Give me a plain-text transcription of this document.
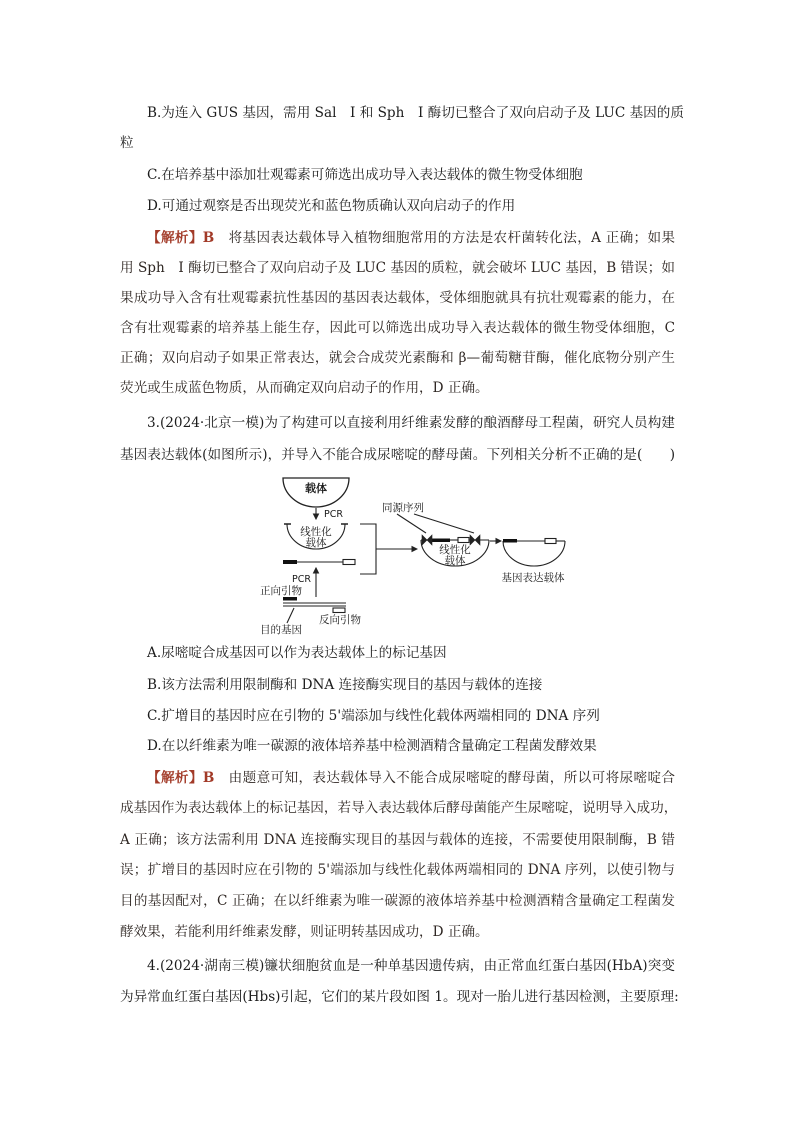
B.为连入 GUS 基因，需用 Sal　I 和 Sph　I 酶切已整合了双向启动子及 LUC 基因的质
粒
C.在培养基中添加壮观霉素可筛选出成功导入表达载体的微生物受体细胞
D.可通过观察是否出现荧光和蓝色物质确认双向启动子的作用
【解析】B　将基因表达载体导入植物细胞常用的方法是农杆菌转化法，A 正确；如果
用 Sph　I 酶切已整合了双向启动子及 LUC 基因的质粒，就会破坏 LUC 基因，B 错误；如
果成功导入含有壮观霉素抗性基因的基因表达载体，受体细胞就具有抗壮观霉素的能力，在
含有壮观霉素的培养基上能生存，因此可以筛选出成功导入表达载体的微生物受体细胞，C
正确；双向启动子如果正常表达，就会合成荧光素酶和 β—葡萄糖苷酶，催化底物分别产生
荧光或生成蓝色物质，从而确定双向启动子的作用，D 正确。
3.(2024·北京一模)为了构建可以直接利用纤维素发酵的酿酒酵母工程菌，研究人员构建
基因表达载体(如图所示)，并导入不能合成尿嘧啶的酵母菌。下列相关分析不正确的是(　　)
载体
PCR
线性化
载体
同源序列
线性化
载体
基因表达载体
PCR
正向引物
反向引物
目的基因
A.尿嘧啶合成基因可以作为表达载体上的标记基因
B.该方法需利用限制酶和 DNA 连接酶实现目的基因与载体的连接
C.扩增目的基因时应在引物的 5'端添加与线性化载体两端相同的 DNA 序列
D.在以纤维素为唯一碳源的液体培养基中检测酒精含量确定工程菌发酵效果
【解析】B　由题意可知，表达载体导入不能合成尿嘧啶的酵母菌，所以可将尿嘧啶合
成基因作为表达载体上的标记基因，若导入表达载体后酵母菌能产生尿嘧啶，说明导入成功，
A 正确；该方法需利用 DNA 连接酶实现目的基因与载体的连接，不需要使用限制酶，B 错
误；扩增目的基因时应在引物的 5'端添加与线性化载体两端相同的 DNA 序列，以使引物与
目的基因配对，C 正确；在以纤维素为唯一碳源的液体培养基中检测酒精含量确定工程菌发
酵效果，若能利用纤维素发酵，则证明转基因成功，D 正确。
4.(2024·湖南三模)镰状细胞贫血是一种单基因遗传病，由正常血红蛋白基因(HbA)突变
为异常血红蛋白基因(Hbs)引起，它们的某片段如图 1。现对一胎儿进行基因检测，主要原理:
